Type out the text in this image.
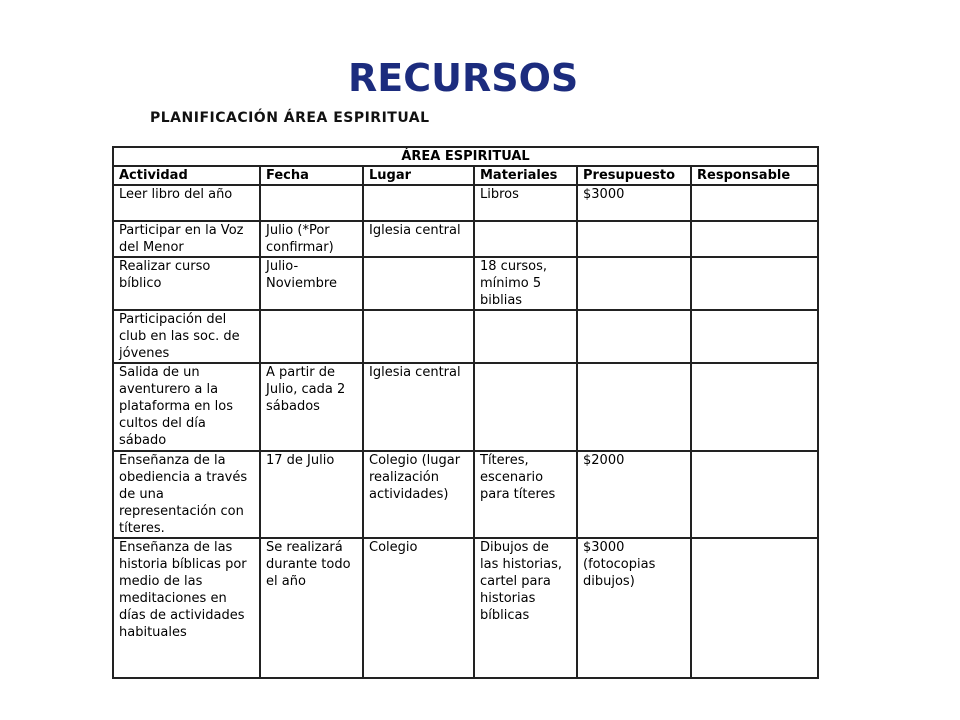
RECURSOS
PLANIFICACIÓN ÁREA ESPIRITUAL
ÁREA ESPIRITUAL					
Actividad	Fecha	Lugar	Materiales	Presupuesto	Responsable
Leer libro del año			Libros	$3000	
Participar en la Voz del Menor	Julio (*Por confirmar)	Iglesia central			
Realizar curso bíblico	Julio-Noviembre		18 cursos, mínimo 5 biblias		
Participación del club en las soc. de jóvenes					
Salida de un aventurero a la plataforma en los cultos del día sábado	A partir de Julio, cada 2 sábados	Iglesia central			
Enseñanza de la obediencia a través de una representación con títeres.	17 de Julio	Colegio (lugar realización actividades)	Títeres, escenario para títeres	$2000	
Enseñanza de las historia bíblicas por medio de las meditaciones en días de actividades habituales	Se realizará durante todo el año	Colegio	Dibujos de las historias, cartel para historias bíblicas	$3000 (fotocopias dibujos)	
